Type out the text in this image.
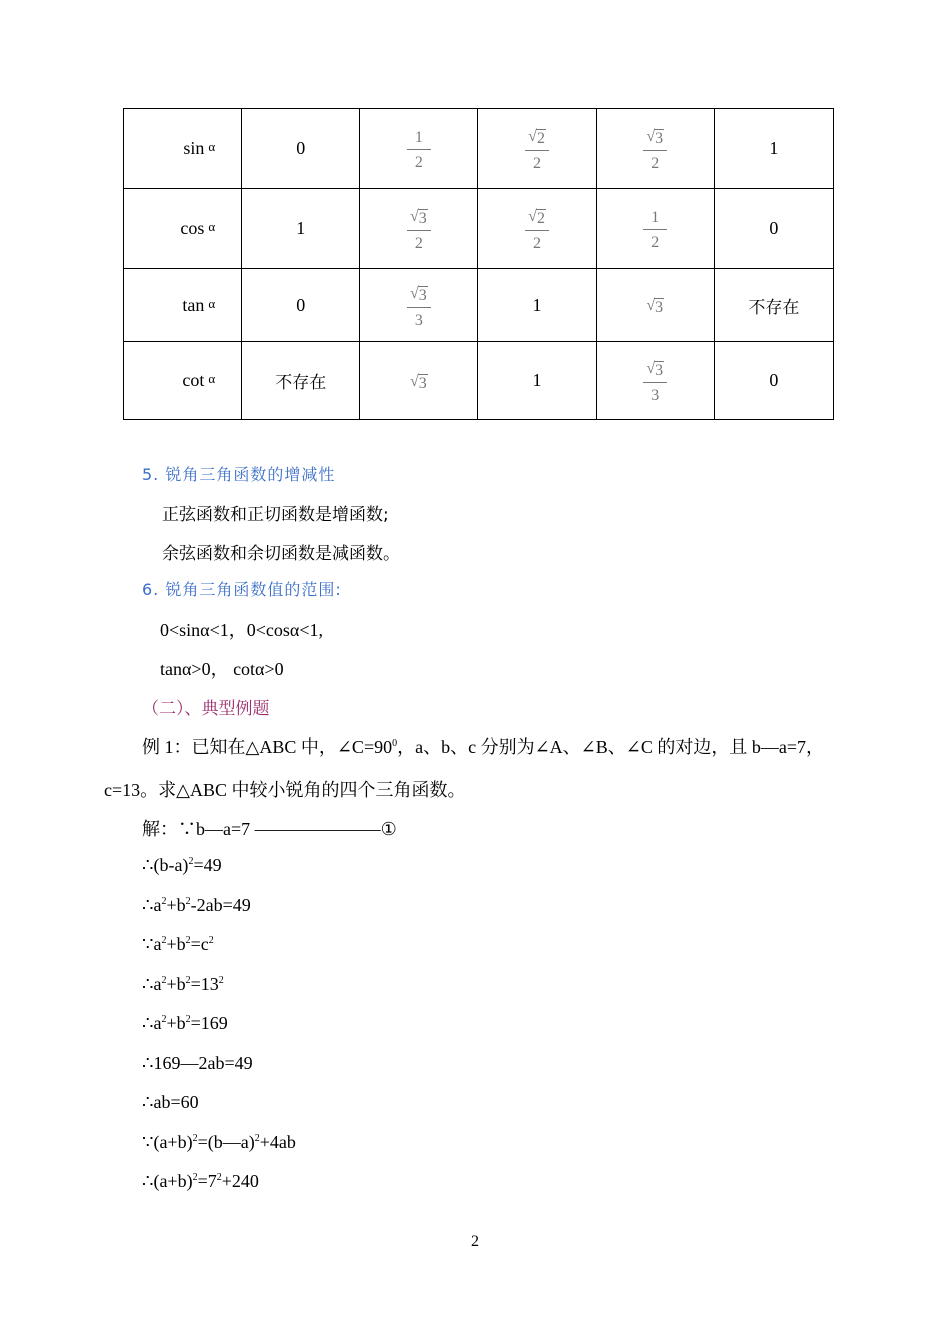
sin α	0	$\frac{1}{2}$	$\frac{√ 2}{2}$	$\frac{√ 3}{2}$	1
cos α	1	$\frac{√ 3}{2}$	$\frac{√ 2}{2}$	$\frac{1}{2}$	0
tan α	0	$\frac{√ 3}{3}$	1	√ 3	不存在
cot α	不存在	√ 3	1	$\frac{√ 3}{3}$	0
5. 锐角三角函数的增减性
正弦函数和正切函数是增函数;
余弦函数和余切函数是减函数。
6. 锐角三角函数值的范围:
0<sinα<1，0<cosα<1,
tanα>0， cotα>0
（二）、典型例题
例 1：已知在△ABC 中，$\angle C=90^0$，a、b、c 分别为∠A、∠B、∠C 的对边，且 b—a=7，
c=13。求△ABC 中较小锐角的四个三角函数。
解：∵b—a=7 ———————①
$\therefore(b-a)^2=49$
$\therefore a^2+b^2-2ab=49$
$\because a^2+b^2=c^2$
$\therefore a^2+b^2=13^2$
$\therefore a^2+b^2=169$
∴169—2ab=49
∴ab=60
$\because(a+b)^2=(b—a)^2+4ab$
$\therefore(a+b)^2=7^2+240$
2
